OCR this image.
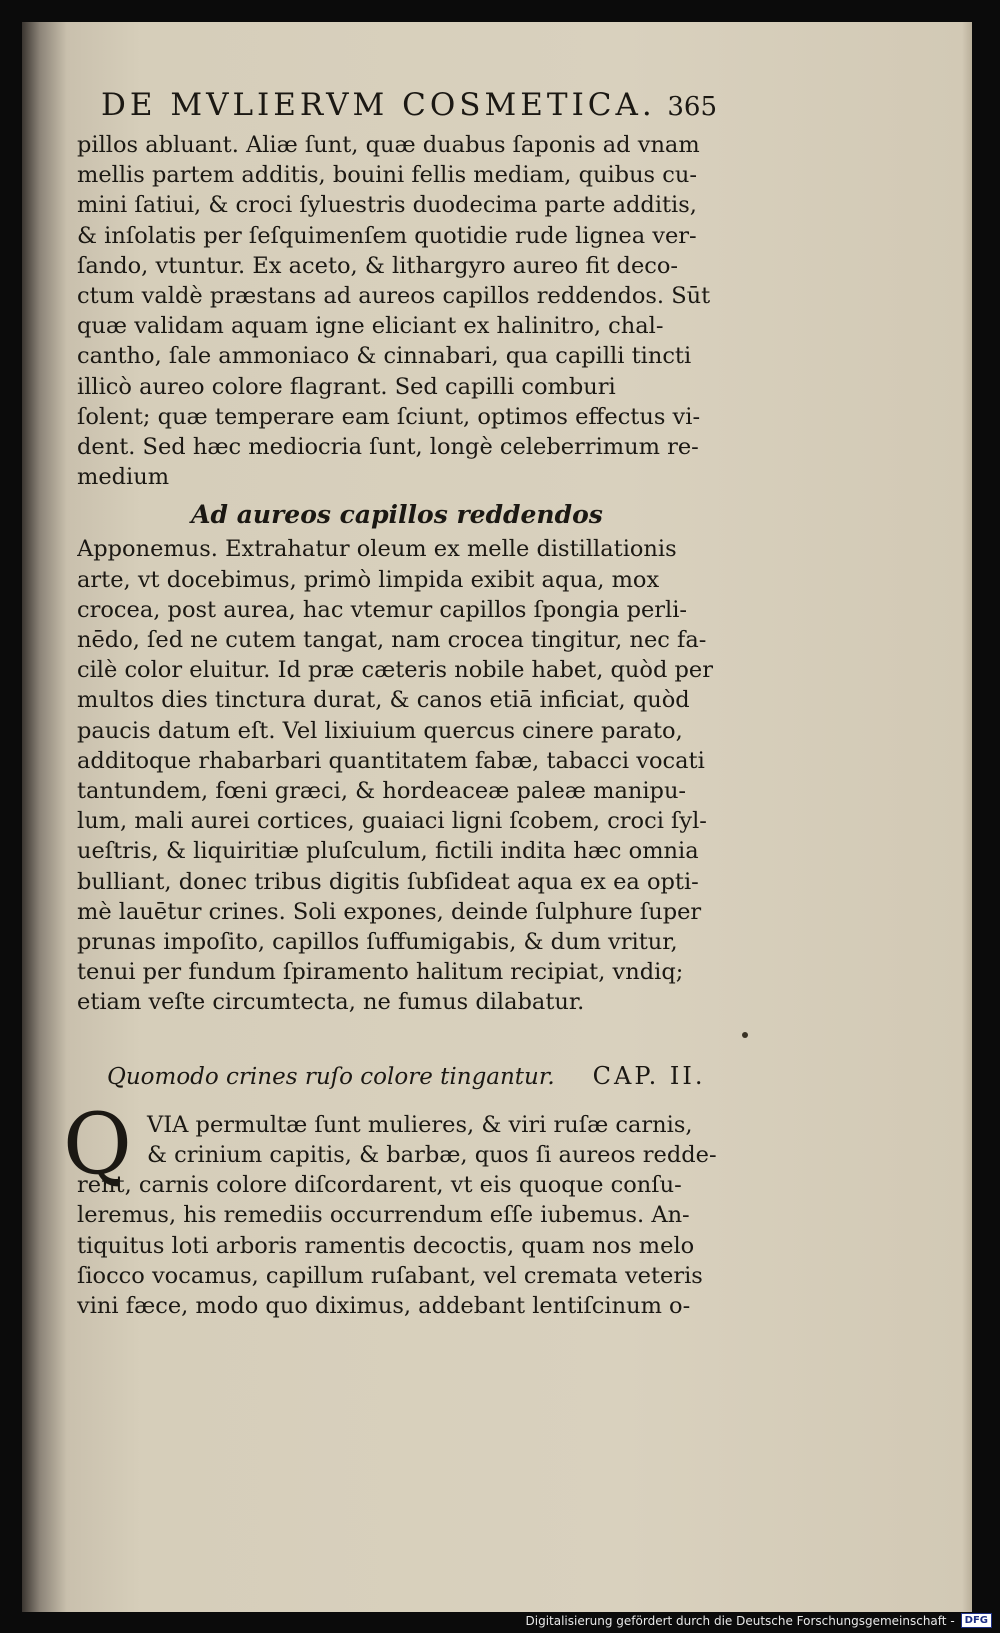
DE MVLIERVM COSMETICA. 365

pillos abluant. Aliæ ſunt, quæ duabus ſaponis ad vnam
mellis partem additis, bouini fellis mediam, quibus cu-
mini ſatiui, & croci ſyluestris duodecima parte additis,
& inſolatis per ſeſquimenſem quotidie rude lignea ver-
ſando, vtuntur. Ex aceto, & lithargyro aureo fit deco-
ctum valdè præstans ad aureos capillos reddendos. Sūt
quæ validam aquam igne eliciant ex halinitro, chal-
cantho, ſale ammoniaco & cinnabari, qua capilli tincti
illicò aureo colore flagrant. Sed capilli comburi
ſolent; quæ temperare eam ſciunt, optimos effectus vi-
dent. Sed hæc mediocria ſunt, longè celeberrimum re-
medium

Ad aureos capillos reddendos

Apponemus. Extrahatur oleum ex melle distillationis
arte, vt docebimus, primò limpida exibit aqua, mox
crocea, post aurea, hac vtemur capillos ſpongia perli-
nēdo, ſed ne cutem tangat, nam crocea tingitur, nec fa-
cilè color eluitur. Id præ cæteris nobile habet, quòd per
multos dies tinctura durat, & canos etiā inficiat, quòd
paucis datum eſt. Vel lixiuium quercus cinere parato,
additoque rhabarbari quantitatem fabæ, tabacci vocati
tantundem, fœni græci, & hordeaceæ paleæ manipu-
lum, mali aurei cortices, guaiaci ligni ſcobem, croci ſyl-
ueſtris, & liquiritiæ pluſculum, fictili indita hæc omnia
bulliant, donec tribus digitis ſubſideat aqua ex ea opti-
mè lauētur crines. Soli expones, deinde ſulphure ſuper
prunas impoſito, capillos ſuffumigabis, & dum vritur,
tenui per fundum ſpiramento halitum recipiat, vndiq;
etiam veſte circumtecta, ne fumus dilabatur.

Quomodo crines ruſo colore tingantur. CAP. II.
Q VIA permultæ ſunt mulieres, & viri ruſæ carnis,
& crinium capitis, & barbæ, quos ſi aureos redde-
rent, carnis colore diſcordarent, vt eis quoque conſu-
leremus, his remediis occurrendum eſſe iubemus. An-
tiquitus loti arboris ramentis decoctis, quam nos melo
ſiocco vocamus, capillum ruſabant, vel cremata veteris
vini fæce, modo quo diximus, addebant lentiſcinum o-

Digitalisierung gefördert durch die Deutsche Forschungsgemeinschaft -	DFG
